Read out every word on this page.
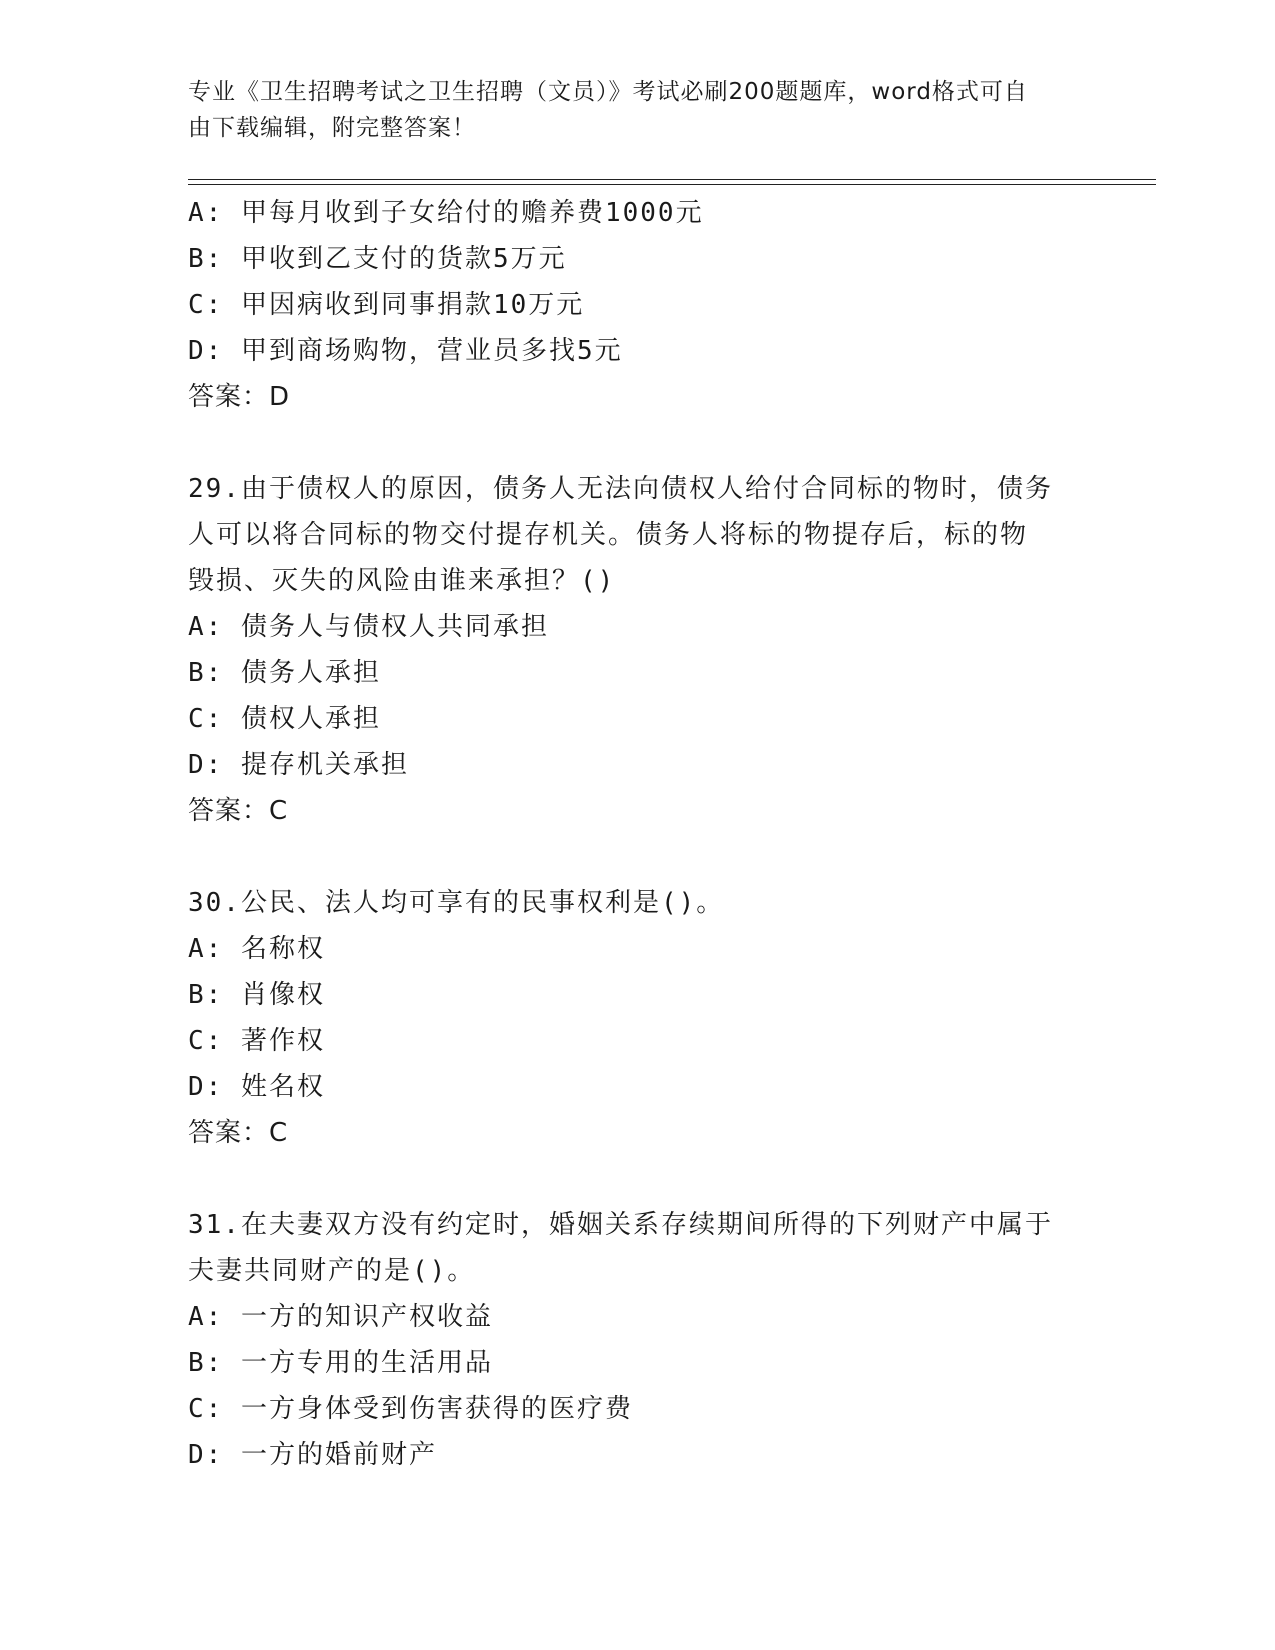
专业《卫生招聘考试之卫生招聘（文员）》考试必刷200题题库，word格式可自
由下载编辑，附完整答案！
A: 甲每月收到子女给付的赡养费1000元
B: 甲收到乙支付的货款5万元
C: 甲因病收到同事捐款10万元
D: 甲到商场购物，营业员多找5元
答案：D
29.由于债权人的原因，债务人无法向债权人给付合同标的物时，债务
人可以将合同标的物交付提存机关。债务人将标的物提存后，标的物
毁损、灭失的风险由谁来承担？()
A: 债务人与债权人共同承担
B: 债务人承担
C: 债权人承担
D: 提存机关承担
答案：C
30.公民、法人均可享有的民事权利是()。
A: 名称权
B: 肖像权
C: 著作权
D: 姓名权
答案：C
31.在夫妻双方没有约定时，婚姻关系存续期间所得的下列财产中属于
夫妻共同财产的是()。
A: 一方的知识产权收益
B: 一方专用的生活用品
C: 一方身体受到伤害获得的医疗费
D: 一方的婚前财产
